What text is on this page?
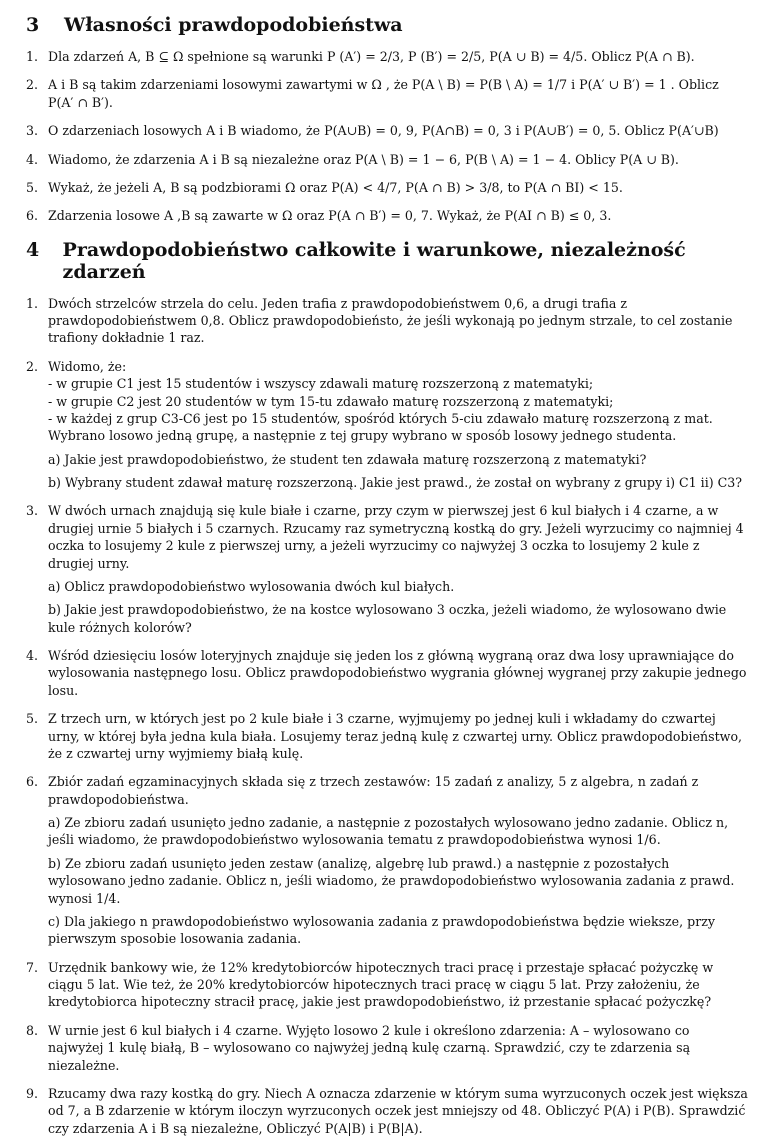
3	Własności prawdopodobieństwa
1. Dla zdarzeń A, B ⊆ Ω spełnione są warunki P (A′) = 2/3, P (B′) = 2/5, P(A ∪ B) = 4/5. Oblicz P(A ∩ B).
2. A i B są takim zdarzeniami losowymi zawartymi w Ω , że P(A \ B) = P(B \ A) = 1/7 i P(A′ ∪ B′) = 1 . Oblicz P(A′ ∩ B′).
3. O zdarzeniach losowych A i B wiadomo, że P(A∪B) = 0, 9, P(A∩B) = 0, 3 i P(A∪B′) = 0, 5. Oblicz P(A′∪B)
4. Wiadomo, że zdarzenia A i B są niezależne oraz P(A \ B) = 1 − 6, P(B \ A) = 1 − 4. Oblicy P(A ∪ B).
5. Wykaż, że jeżeli A, B są podzbiorami Ω oraz P(A) < 4/7, P(A ∩ B) > 3/8, to P(A ∩ BI) < 15.
6. Zdarzenia losowe A ,B są zawarte w Ω oraz P(A ∩ B′) = 0, 7. Wykaż, że P(AI ∩ B) ≤ 0, 3.
4	Prawdopodobieństwo całkowite i warunkowe, niezależność zdarzeń
1. Dwóch strzelców strzela do celu. Jeden trafia z prawdopodobieństwem 0,6, a drugi trafia z prawdopodobieństwem 0,8. Oblicz prawdopodobieństo, że jeśli wykonają po jednym strzale, to cel zostanie trafiony dokładnie 1 raz.
2. Widomo, że:
- w grupie C1 jest 15 studentów i wszyscy zdawali maturę rozszerzoną z matematyki;
- w grupie C2 jest 20 studentów w tym 15-tu zdawało maturę rozszerzoną z matematyki;
- w każdej z grup C3-C6 jest po 15 studentów, spośród których 5-ciu zdawało maturę rozszerzoną z mat.
Wybrano losowo jedną grupę, a następnie z tej grupy wybrano w sposób losowy jednego studenta.
a) Jakie jest prawdopodobieństwo, że student ten zdawała maturę rozszerzoną z matematyki?
b) Wybrany student zdawał maturę rozszerzoną. Jakie jest prawd., że został on wybrany z grupy i) C1 ii) C3?
3. W dwóch urnach znajdują się kule białe i czarne, przy czym w pierwszej jest 6 kul białych i 4 czarne, a w drugiej urnie 5 białych i 5 czarnych. Rzucamy raz symetryczną kostką do gry. Jeżeli wyrzucimy co najmniej 4 oczka to losujemy 2 kule z pierwszej urny, a jeżeli wyrzucimy co najwyżej 3 oczka to losujemy 2 kule z drugiej urny.
a) Oblicz prawdopodobieństwo wylosowania dwóch kul białych.
b) Jakie jest prawdopodobieństwo, że na kostce wylosowano 3 oczka, jeżeli wiadomo, że wylosowano dwie kule różnych kolorów?
4. Wśród dziesięciu losów loteryjnych znajduje się jeden los z główną wygraną oraz dwa losy uprawniające do wylosowania następnego losu. Oblicz prawdopodobieństwo wygrania głównej wygranej przy zakupie jednego losu.
5. Z trzech urn, w których jest po 2 kule białe i 3 czarne, wyjmujemy po jednej kuli i wkładamy do czwartej urny, w której była jedna kula biała. Losujemy teraz jedną kulę z czwartej urny. Oblicz prawdopodobieństwo, że z czwartej urny wyjmiemy białą kulę.
6. Zbiór zadań egzaminacyjnych składa się z trzech zestawów: 15 zadań z analizy, 5 z algebra, n zadań z prawdopodobieństwa.
a) Ze zbioru zadań usunięto jedno zadanie, a następnie z pozostałych wylosowano jedno zadanie. Oblicz n, jeśli wiadomo, że prawdopodobieństwo wylosowania tematu z prawdopodobieństwa wynosi 1/6.
b) Ze zbioru zadań usunięto jeden zestaw (analizę, algebrę lub prawd.) a następnie z pozostałych wylosowano jedno zadanie. Oblicz n, jeśli wiadomo, że prawdopodobieństwo wylosowania zadania z prawd. wynosi 1/4.
c) Dla jakiego n prawdopodobieństwo wylosowania zadania z prawdopodobieństwa będzie wieksze, przy pierwszym sposobie losowania zadania.
7. Urzędnik bankowy wie, że 12% kredytobiorców hipotecznych traci pracę i przestaje spłacać pożyczkę w ciągu 5 lat. Wie też, że 20% kredytobiorców hipotecznych traci pracę w ciągu 5 lat. Przy założeniu, że kredytobiorca hipoteczny stracił pracę, jakie jest prawdopodobieństwo, iż przestanie spłacać pożyczkę?
8. W urnie jest 6 kul białych i 4 czarne. Wyjęto losowo 2 kule i określono zdarzenia: A – wylosowano co najwyżej 1 kulę białą, B – wylosowano co najwyżej jedną kulę czarną. Sprawdzić, czy te zdarzenia są niezależne.
9. Rzucamy dwa razy kostką do gry. Niech A oznacza zdarzenie w którym suma wyrzuconych oczek jest większa od 7, a B zdarzenie w którym iloczyn wyrzuconych oczek jest mniejszy od 48. Obliczyć P(A) i P(B). Sprawdzić czy zdarzenia A i B są niezależne, Obliczyć P(A|B) i P(B|A).
